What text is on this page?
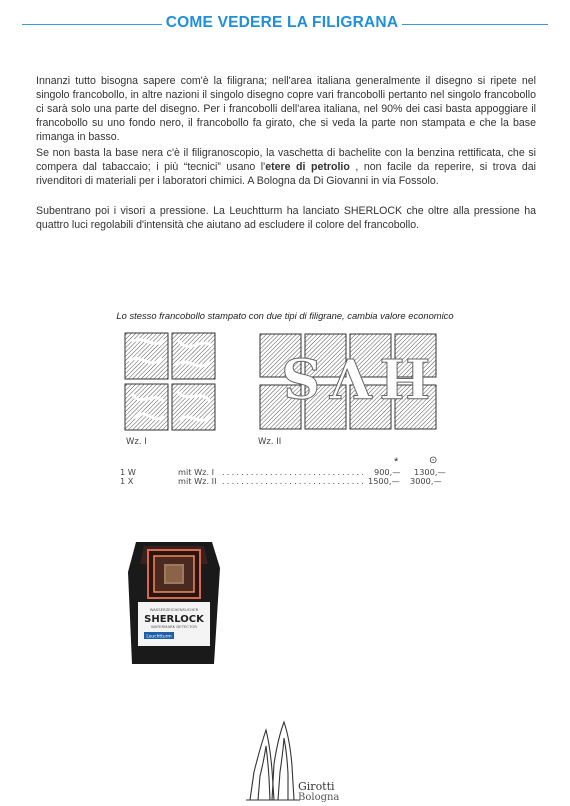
COME VEDERE LA FILIGRANA
Innanzi tutto bisogna sapere com'è la filigrana; nell'area italiana generalmente il disegno si ripete nel singolo francobollo, in altre nazioni il singolo disegno copre vari francobolli pertanto nel singolo francobollo ci sarà solo una parte del disegno. Per i francobolli dell'area italiana, nel 90% dei casi basta appoggiare il francobollo su uno fondo nero, il francobollo fa girato, che si veda la parte non stampata e che la base rimanga in basso.
Se non basta la base nera c'è il filigranoscopio, la vaschetta di bachelite con la benzina rettificata, che si compera dal tabaccaio; i più “tecnici” usano l'etere di petrolio , non facile da reperire, si trova dai rivenditori di materiali per i laboratori chimici. A Bologna da Di Giovanni in via Fossolo.
Subentrano poi i visori a pressione. La Leuchtturm ha lanciato SHERLOCK che oltre alla pressione ha quattro luci regolabili d'intensità che aiutano ad escludere il colore del francobollo.
Lo stesso francobollo stampato con due tipi di filigrane, cambia valore economico
Wz. I
S V H
Wz. II
*	⊙
1 W	mit Wz. I . . . . . . . . . . . . . . . . . . . . . . . . . . . . . . 900,— 1300,—
1 X	mit Wz. II . . . . . . . . . . . . . . . . . . . . . . . . . . . . . . 1500,— 3000,—
WASSERZEICHENSUCHER
SHERLOCK
WATERMARK DETECTOR
Leuchtturm
Girotti
Bologna
